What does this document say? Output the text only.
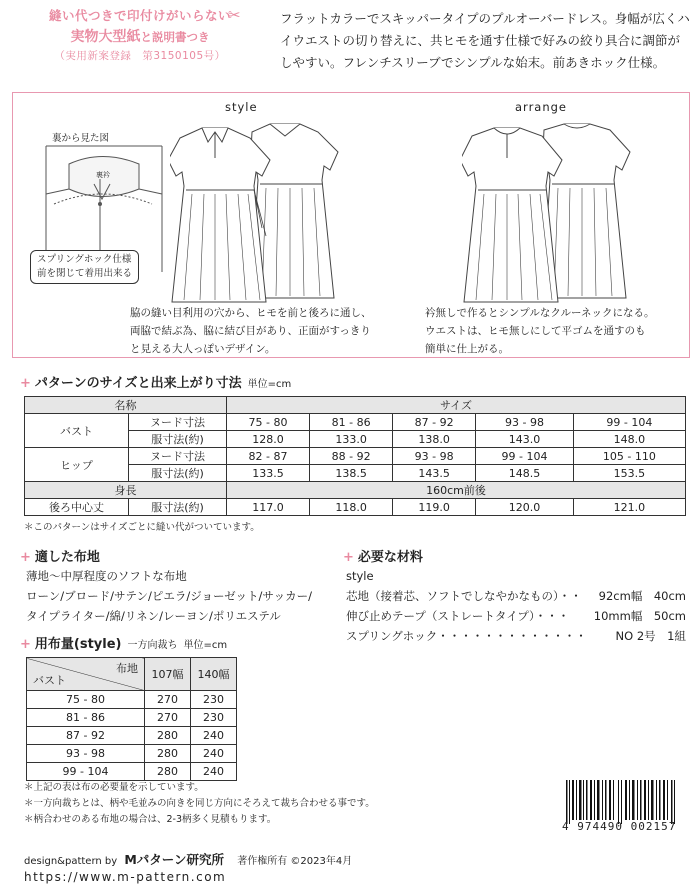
縫い代つきで印付けがいらない
実物大型紙と説明書つき
（実用新案登録　第3150105号）
✂	フラットカラーでスキッパータイプのプルオーバードレス。身幅が広くハイウエストの切り替えに、共ヒモを通す仕様で好みの絞り具合に調節がしやすい。フレンチスリーブでシンプルな始末。前あきホック仕様。
style	arrange
裏から見た図
裏衿
スプリングホック仕様
前を閉じて着用出来る
脇の縫い目利用の穴から、ヒモを前と後ろに通し、
両脇で結ぶ為、脇に結び目があり、正面がすっきり
と見える大人っぽいデザイン。
衿無しで作るとシンプルなクルーネックになる。
ウエストは、ヒモ無しにして平ゴムを通すのも
簡単に仕上がる。
+ パターンのサイズと出来上がり寸法 単位=cm
名称		サイズ				
バスト	ヌード寸法	75 - 80	81 - 86	87 - 92	93 - 98	99 - 104
	服寸法(約)	128.0	133.0	138.0	143.0	148.0
ヒップ	ヌード寸法	82 - 87	88 - 92	93 - 98	99 - 104	105 - 110
	服寸法(約)	133.5	138.5	143.5	148.5	153.5
身長		160cm前後				
後ろ中心丈	服寸法(約)	117.0	118.0	119.0	120.0	121.0
＊このパターンはサイズごとに縫い代がついています。
+ 適した布地
薄地〜中厚程度のソフトな布地
ローン/ブロード/サテン/ピエラ/ジョーゼット/サッカー/
タイプライター/綿/リネン/レーヨン/ポリエステル
+ 必要な材料
style
芯地（接着芯、ソフトでしなやかなもの）・・ 92cm幅　40cm
伸び止めテープ（ストレートタイプ）・・・ 10mm幅　50cm
スプリングホック・・・・・・・・・・・・・ NO 2号　1組
+ 用布量(style) 一方向裁ち 単位=cm
布地
バスト	107幅	140幅
75 - 80	270	230
81 - 86	270	230
87 - 92	280	240
93 - 98	280	240
99 - 104	280	240
＊上記の表は布の必要量を示しています。
＊一方向裁ちとは、柄や毛並みの向きを同じ方向にそろえて裁ち合わせる事です。
＊柄合わせのある布地の場合は、2-3柄多く見積もります。
4 974490 002157
design&pattern by Mパターン研究所 著作権所有 ©2023年4月
https://www.m-pattern.com
